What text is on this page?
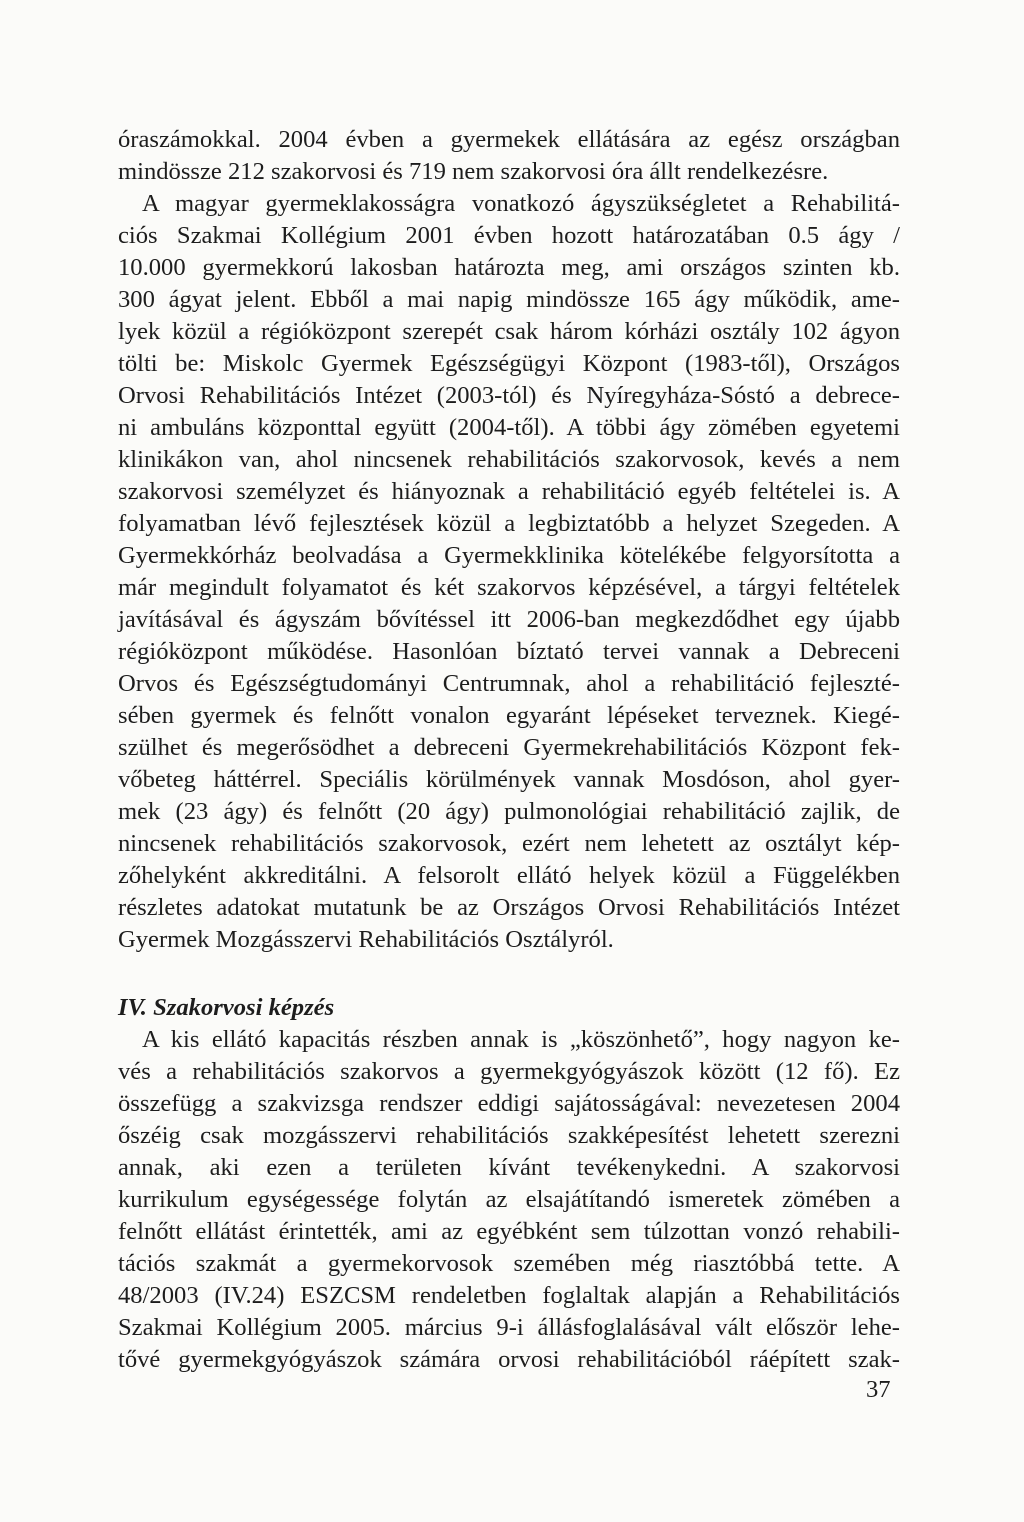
óraszámokkal. 2004 évben a gyermekek ellátására az egész országban
mindössze 212 szakorvosi és 719 nem szakorvosi óra állt rendelkezésre.
A magyar gyermeklakosságra vonatkozó ágyszükségletet a Rehabilitá-
ciós Szakmai Kollégium 2001 évben hozott határozatában 0.5 ágy /
10.000 gyermekkorú lakosban határozta meg, ami országos szinten kb.
300 ágyat jelent. Ebből a mai napig mindössze 165 ágy működik, ame-
lyek közül a régióközpont szerepét csak három kórházi osztály 102 ágyon
tölti be: Miskolc Gyermek Egészségügyi Központ (1983-től), Országos
Orvosi Rehabilitációs Intézet (2003-tól) és Nyíregyháza-Sóstó a debrece-
ni ambuláns központtal együtt (2004-től). A többi ágy zömében egyetemi
klinikákon van, ahol nincsenek rehabilitációs szakorvosok, kevés a nem
szakorvosi személyzet és hiányoznak a rehabilitáció egyéb feltételei is. A
folyamatban lévő fejlesztések közül a legbiztatóbb a helyzet Szegeden. A
Gyermekkórház beolvadása a Gyermekklinika kötelékébe felgyorsította a
már megindult folyamatot és két szakorvos képzésével, a tárgyi feltételek
javításával és ágyszám bővítéssel itt 2006-ban megkezdődhet egy újabb
régióközpont működése. Hasonlóan bíztató tervei vannak a Debreceni
Orvos és Egészségtudományi Centrumnak, ahol a rehabilitáció fejleszté-
sében gyermek és felnőtt vonalon egyaránt lépéseket terveznek. Kiegé-
szülhet és megerősödhet a debreceni Gyermekrehabilitációs Központ fek-
vőbeteg háttérrel. Speciális körülmények vannak Mosdóson, ahol gyer-
mek (23 ágy) és felnőtt (20 ágy) pulmonológiai rehabilitáció zajlik, de
nincsenek rehabilitációs szakorvosok, ezért nem lehetett az osztályt kép-
zőhelyként akkreditálni. A felsorolt ellátó helyek közül a Függelékben
részletes adatokat mutatunk be az Országos Orvosi Rehabilitációs Intézet
Gyermek Mozgásszervi Rehabilitációs Osztályról.
IV. Szakorvosi képzés
A kis ellátó kapacitás részben annak is „köszönhető”, hogy nagyon ke-
vés a rehabilitációs szakorvos a gyermekgyógyászok között (12 fő). Ez
összefügg a szakvizsga rendszer eddigi sajátosságával: nevezetesen 2004
őszéig csak mozgásszervi rehabilitációs szakképesítést lehetett szerezni
annak, aki ezen a területen kívánt tevékenykedni. A szakorvosi
kurrikulum egységessége folytán az elsajátítandó ismeretek zömében a
felnőtt ellátást érintették, ami az egyébként sem túlzottan vonzó rehabili-
tációs szakmát a gyermekorvosok szemében még riasztóbbá tette. A
48/2003 (IV.24) ESZCSM rendeletben foglaltak alapján a Rehabilitációs
Szakmai Kollégium 2005. március 9-i állásfoglalásával vált először lehe-
tővé gyermekgyógyászok számára orvosi rehabilitációból ráépített szak-
37
